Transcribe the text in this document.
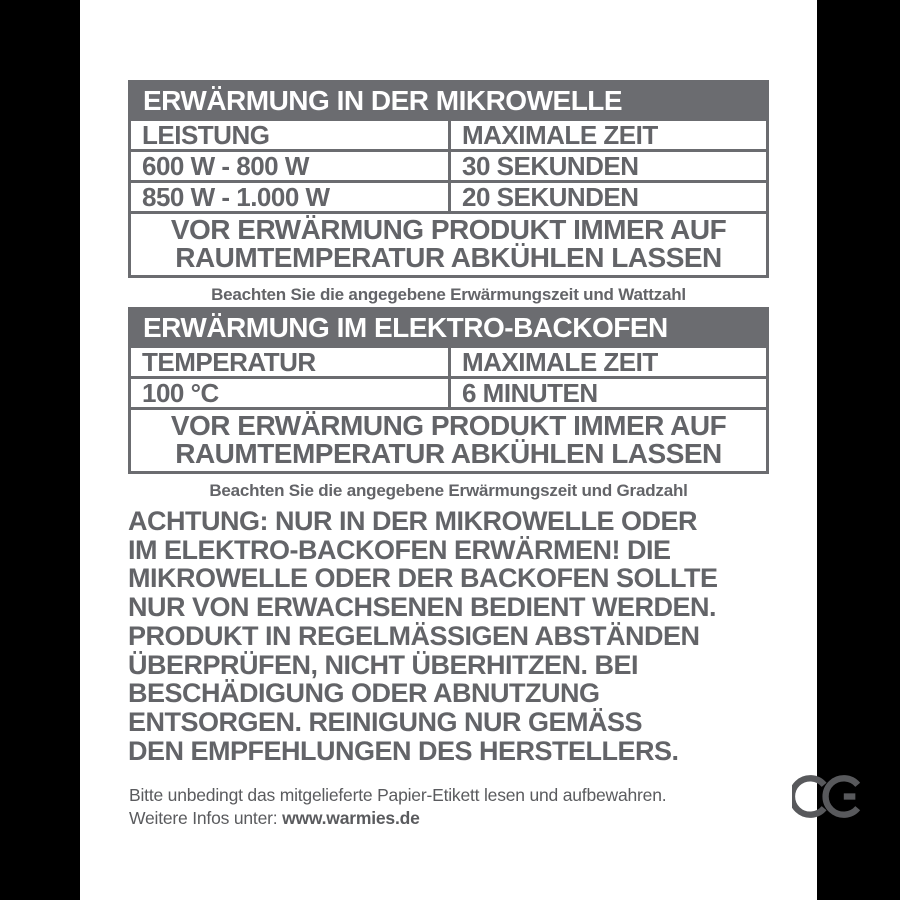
ERWÄRMUNG IN DER MIKROWELLE
LEISTUNG	MAXIMALE ZEIT
600 W - 800 W	30 SEKUNDEN
850 W - 1.000 W	20 SEKUNDEN
VOR ERWÄRMUNG PRODUKT IMMER AUF
RAUMTEMPERATUR ABKÜHLEN LASSEN
Beachten Sie die angegebene Erwärmungszeit und Wattzahl
ERWÄRMUNG IM ELEKTRO-BACKOFEN
TEMPERATUR	MAXIMALE ZEIT
100 °C	6 MINUTEN
VOR ERWÄRMUNG PRODUKT IMMER AUF
RAUMTEMPERATUR ABKÜHLEN LASSEN
Beachten Sie die angegebene Erwärmungszeit und Gradzahl
ACHTUNG: NUR IN DER MIKROWELLE ODER
IM ELEKTRO-BACKOFEN ERWÄRMEN! DIE
MIKROWELLE ODER DER BACKOFEN SOLLTE
NUR VON ERWACHSENEN BEDIENT WERDEN.
PRODUKT IN REGELMÄSSIGEN ABSTÄNDEN
ÜBERPRÜFEN, NICHT ÜBERHITZEN. BEI
BESCHÄDIGUNG ODER ABNUTZUNG
ENTSORGEN. REINIGUNG NUR GEMÄSS
DEN EMPFEHLUNGEN DES HERSTELLERS.
Bitte unbedingt das mitgelieferte Papier-Etikett lesen und aufbewahren.
Weitere Infos unter: www.warmies.de
